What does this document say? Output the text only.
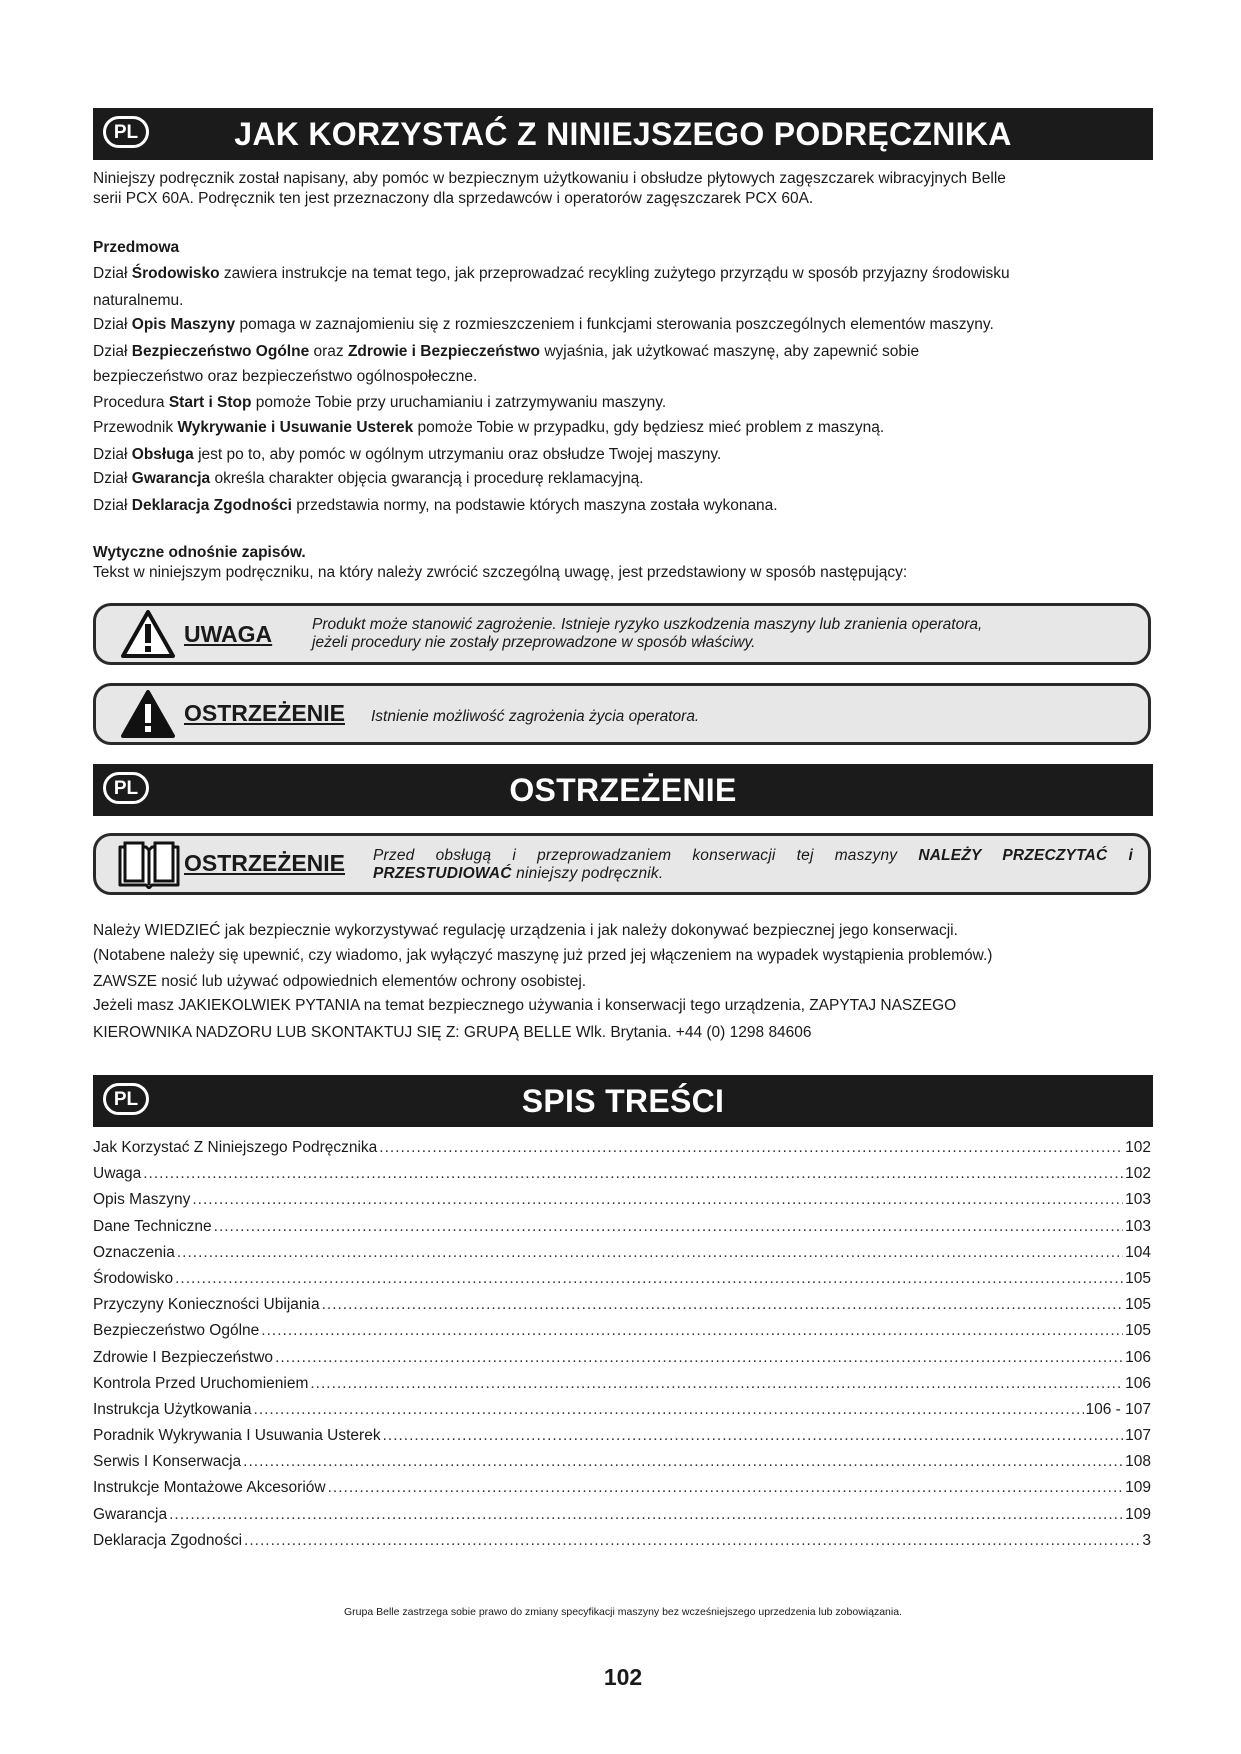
PL	JAK KORZYSTAĆ Z NINIEJSZEGO PODRĘCZNIKA
Niniejszy podręcznik został napisany, aby pomóc w bezpiecznym użytkowaniu i obsłudze płytowych zagęszczarek wibracyjnych Belle
serii PCX 60A. Podręcznik ten jest przeznaczony dla sprzedawców i operatorów zagęszczarek PCX 60A.
Przedmowa
Dział Środowisko zawiera instrukcje na temat tego, jak przeprowadzać recykling zużytego przyrządu w sposób przyjazny środowisku
naturalnemu.
Dział Opis Maszyny pomaga w zaznajomieniu się z rozmieszczeniem i funkcjami sterowania poszczególnych elementów maszyny.
Dział Bezpieczeństwo Ogólne oraz Zdrowie i Bezpieczeństwo wyjaśnia, jak użytkować maszynę, aby zapewnić sobie
bezpieczeństwo oraz bezpieczeństwo ogólnospołeczne.
Procedura Start i Stop pomoże Tobie przy uruchamianiu i zatrzymywaniu maszyny.
Przewodnik Wykrywanie i Usuwanie Usterek pomoże Tobie w przypadku, gdy będziesz mieć problem z maszyną.
Dział Obsługa jest po to, aby pomóc w ogólnym utrzymaniu oraz obsłudze Twojej maszyny.
Dział Gwarancja określa charakter objęcia gwarancją i procedurę reklamacyjną.
Dział Deklaracja Zgodności przedstawia normy, na podstawie których maszyna została wykonana.
Wytyczne odnośnie zapisów.
Tekst w niniejszym podręczniku, na który należy zwrócić szczególną uwagę, jest przedstawiony w sposób następujący:
UWAGA	Produkt może stanowić zagrożenie. Istnieje ryzyko uszkodzenia maszyny lub zranienia operatora,
jeżeli procedury nie zostały przeprowadzone w sposób właściwy.
OSTRZEŻENIE Istnienie możliwość zagrożenia życia operatora.
PL	OSTRZEŻENIE
OSTRZEŻENIE Przed obsługą i przeprowadzaniem konserwacji tej maszyny NALEŻY PRZECZYTAĆ i
PRZESTUDIOWAĆ niniejszy podręcznik.
Należy WIEDZIEĆ jak bezpiecznie wykorzystywać regulację urządzenia i jak należy dokonywać bezpiecznej jego konserwacji.
(Notabene należy się upewnić, czy wiadomo, jak wyłączyć maszynę już przed jej włączeniem na wypadek wystąpienia problemów.)
ZAWSZE nosić lub używać odpowiednich elementów ochrony osobistej.
Jeżeli masz JAKIEKOLWIEK PYTANIA na temat bezpiecznego używania i konserwacji tego urządzenia, ZAPYTAJ NASZEGO
KIEROWNIKA NADZORU LUB SKONTAKTUJ SIĘ Z: GRUPĄ BELLE Wlk. Brytania. +44 (0) 1298 84606
PL	SPIS TREŚCI
Jak Korzystać Z Niniejszego Podręcznika .....	102
Uwaga .....	102
Opis Maszyny .....	103
Dane Techniczne .....	103
Oznaczenia .....	104
Środowisko .....	105
Przyczyny Konieczności Ubijania .....	105
Bezpieczeństwo Ogólne .....	105
Zdrowie I Bezpieczeństwo .....	106
Kontrola Przed Uruchomieniem .....	106
Instrukcja Użytkowania .....	106 - 107
Poradnik Wykrywania I Usuwania Usterek .....	107
Serwis I Konserwacja .....	108
Instrukcje Montażowe Akcesoriów .....	109
Gwarancja .....	109
Deklaracja Zgodności .....	3
Grupa Belle zastrzega sobie prawo do zmiany specyfikacji maszyny bez wcześniejszego uprzedzenia lub zobowiązania.
102
